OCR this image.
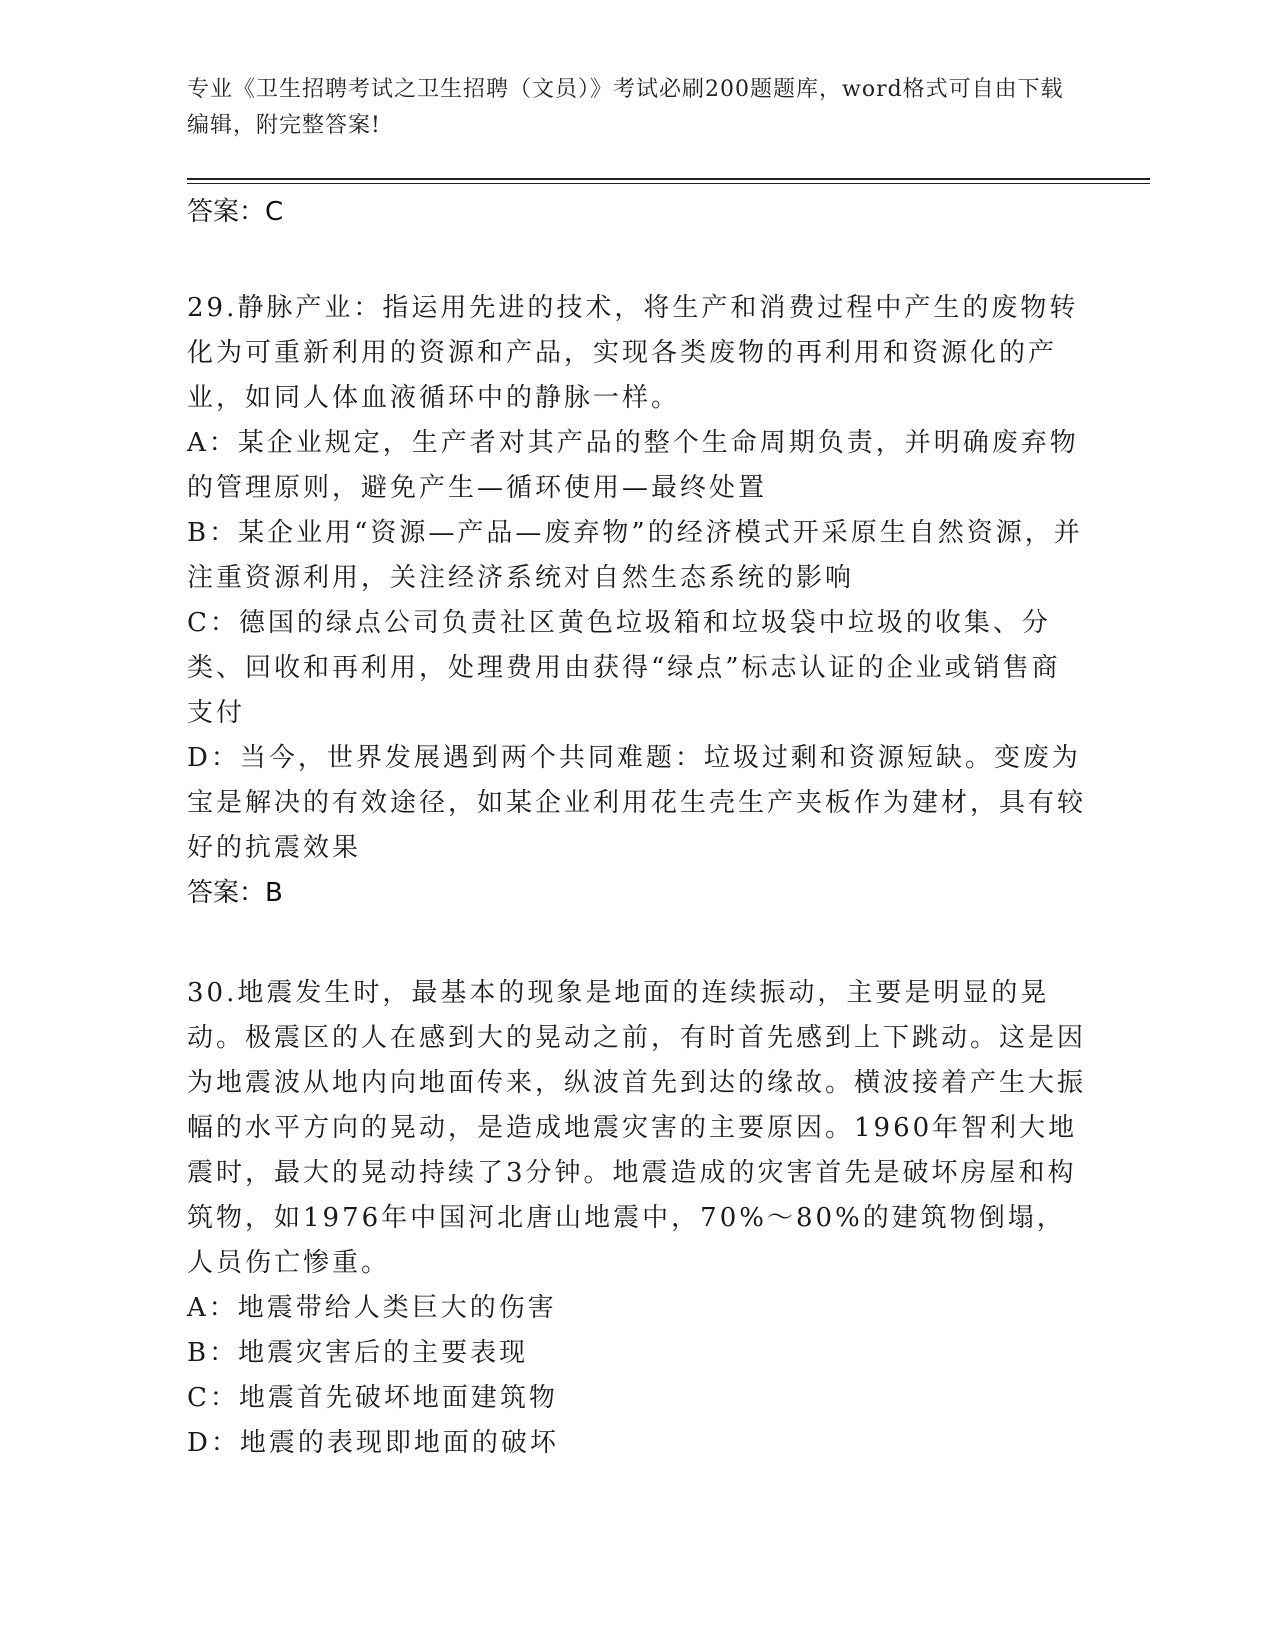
专业《卫生招聘考试之卫生招聘（文员）》考试必刷200题题库，word格式可自由下载编辑，附完整答案!

答案：C

29.静脉产业：指运用先进的技术，将生产和消费过程中产生的废物转化为可重新利用的资源和产品，实现各类废物的再利用和资源化的产业，如同人体血液循环中的静脉一样。

A：某企业规定，生产者对其产品的整个生命周期负责，并明确废弃物的管理原则，避免产生—循环使用—最终处置

B：某企业用“资源—产品—废弃物”的经济模式开采原生自然资源，并注重资源利用，关注经济系统对自然生态系统的影响

C：德国的绿点公司负责社区黄色垃圾箱和垃圾袋中垃圾的收集、分类、回收和再利用，处理费用由获得“绿点”标志认证的企业或销售商支付

D：当今，世界发展遇到两个共同难题：垃圾过剩和资源短缺。变废为宝是解决的有效途径，如某企业利用花生壳生产夹板作为建材，具有较好的抗震效果

答案：B

30.地震发生时，最基本的现象是地面的连续振动，主要是明显的晃动。极震区的人在感到大的晃动之前，有时首先感到上下跳动。这是因为地震波从地内向地面传来，纵波首先到达的缘故。横波接着产生大振幅的水平方向的晃动，是造成地震灾害的主要原因。1960年智利大地震时，最大的晃动持续了3分钟。地震造成的灾害首先是破坏房屋和构筑物，如1976年中国河北唐山地震中，70%～80%的建筑物倒塌，人员伤亡惨重。

A：地震带给人类巨大的伤害

B：地震灾害后的主要表现

C：地震首先破坏地面建筑物

D：地震的表现即地面的破坏
